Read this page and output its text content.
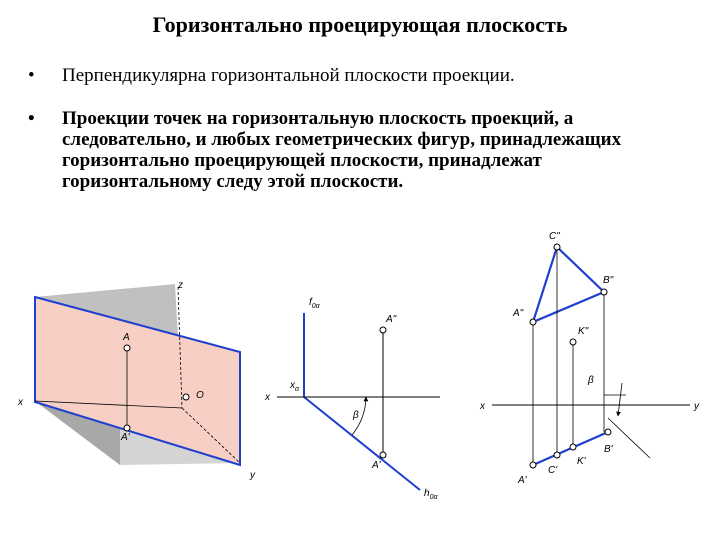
Горизонтально проецирующая плоскость
•	Перпендикулярна горизонтальной плоскости проекции.
•	Проекции точек на горизонтальную плоскость проекций, а следовательно, и любых геометрических фигур, принадлежащих горизонтально проецирующей плоскости, принадлежат горизонтальному следу этой плоскости.
z
x
y
O
A
A'
$f_{0\alpha}$
x
$x_\alpha$
A"
A'
β
$h_{0\alpha}$
C"
B"
A"
K"
β
x	y
A'
C'
K'
B'
